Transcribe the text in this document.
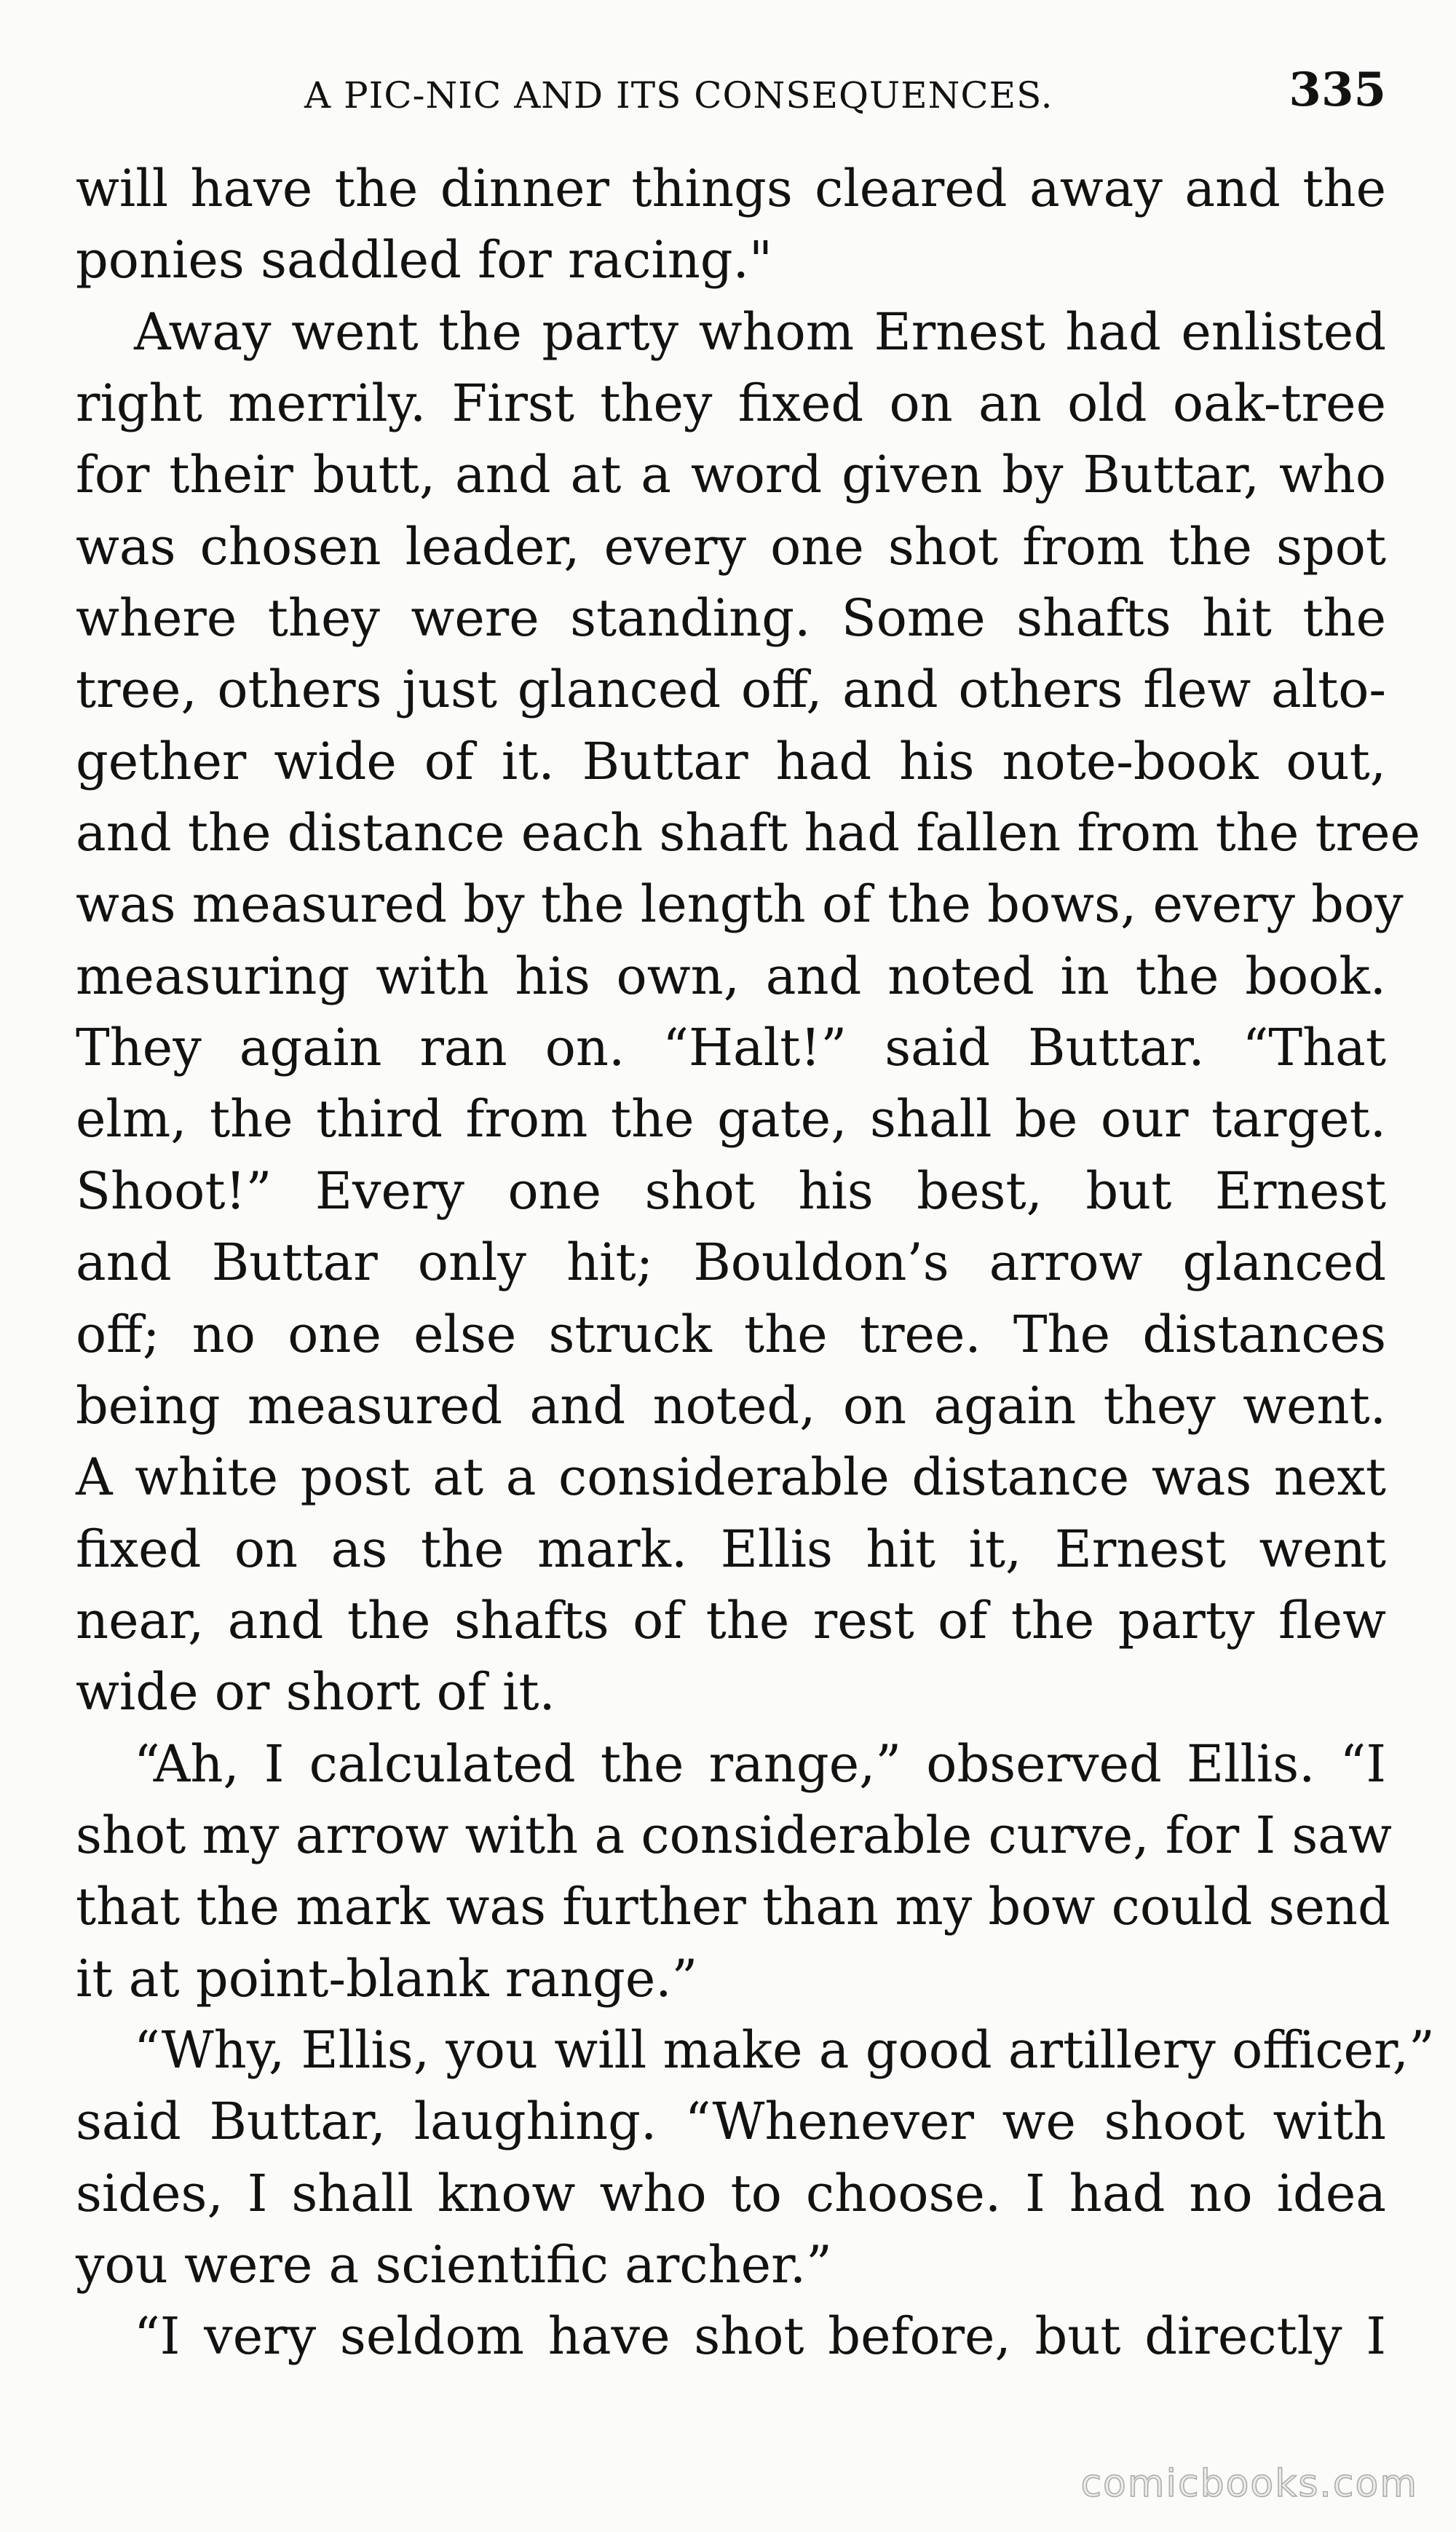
A PIC-NIC AND ITS CONSEQUENCES.	335
will have the dinner things cleared away and the
ponies saddled for racing."
Away went the party whom Ernest had enlisted
right merrily. First they fixed on an old oak-tree
for their butt, and at a word given by Buttar, who
was chosen leader, every one shot from the spot
where they were standing. Some shafts hit the
tree, others just glanced off, and others flew alto-
gether wide of it. Buttar had his note-book out,
and the distance each shaft had fallen from the tree
was measured by the length of the bows, every boy
measuring with his own, and noted in the book.
They again ran on. “Halt!” said Buttar. “That
elm, the third from the gate, shall be our target.
Shoot!” Every one shot his best, but Ernest
and Buttar only hit; Bouldon’s arrow glanced
off; no one else struck the tree. The distances
being measured and noted, on again they went.
A white post at a considerable distance was next
fixed on as the mark. Ellis hit it, Ernest went
near, and the shafts of the rest of the party flew
wide or short of it.
“Ah, I calculated the range,” observed Ellis. “I
shot my arrow with a considerable curve, for I saw
that the mark was further than my bow could send
it at point-blank range.”
“Why, Ellis, you will make a good artillery officer,”
said Buttar, laughing. “Whenever we shoot with
sides, I shall know who to choose. I had no idea
you were a scientific archer.”
“I very seldom have shot before, but directly I
comicbooks.com
